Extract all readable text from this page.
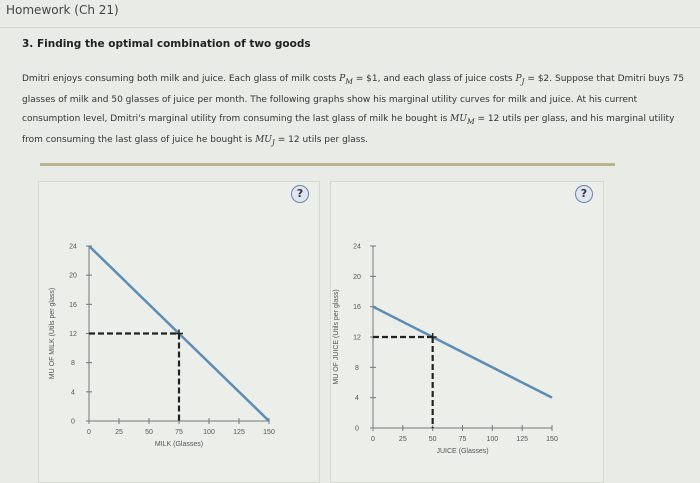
Homework (Ch 21)
3. Finding the optimal combination of two goods
Dmitri enjoys consuming both milk and juice. Each glass of milk costs $P_M$ = $1, and each glass of juice costs $P_J$ = $2. Suppose that Dmitri buys 75 glasses of milk and 50 glasses of juice per month. The following graphs show his marginal utility curves for milk and juice. At his current consumption level, Dmitri's marginal utility from consuming the last glass of milk he bought is $MU_M = 12$ utils per glass, and his marginal utility from consuming the last glass of juice he bought is $MU_J = 12$ utils per glass.
?	?
0
4
8
12
16
20
24
0	25	50	75	100	125	150
MILK (Glasses)
MU OF MILK (Utils per glass)
0
4
8
12
16
20
24
0	25	50	75	100	125	150
JUICE (Glasses)
MU OF JUICE (Utils per glass)
